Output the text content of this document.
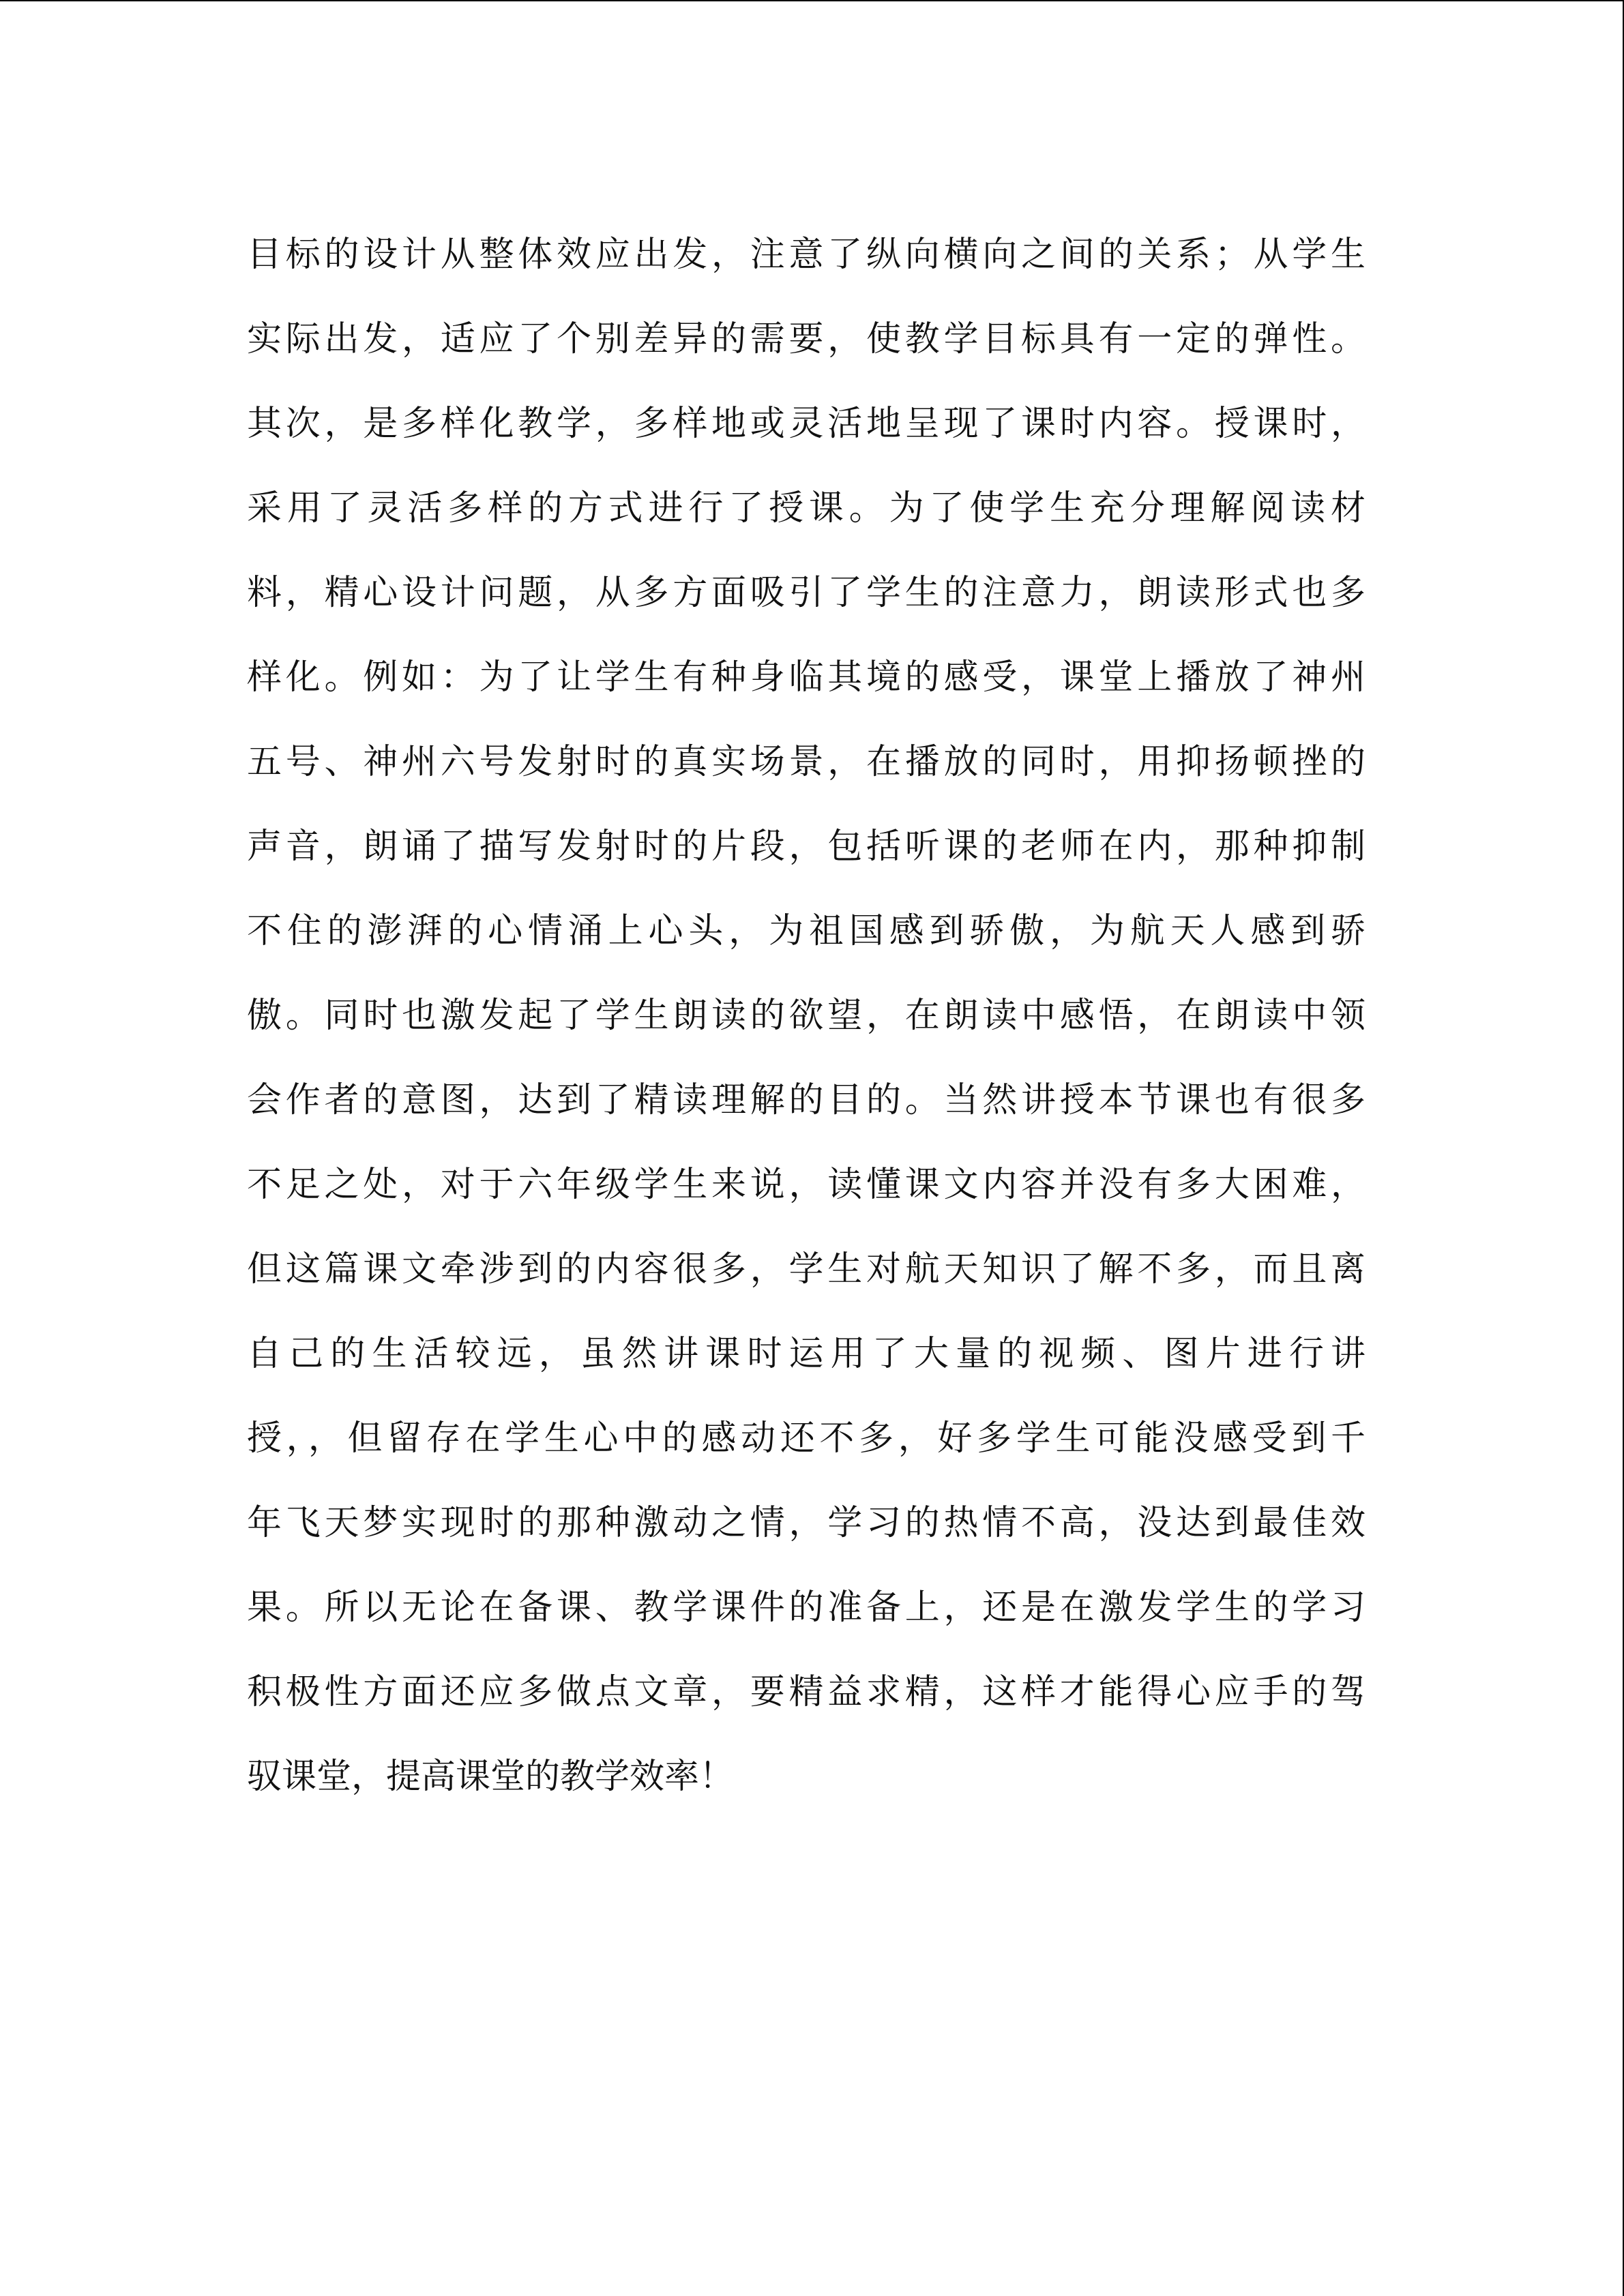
目标的设计从整体效应出发，注意了纵向横向之间的关系；从学生
实际出发，适应了个别差异的需要，使教学目标具有一定的弹性。
其次，是多样化教学，多样地或灵活地呈现了课时内容。授课时，
采用了灵活多样的方式进行了授课。为了使学生充分理解阅读材
料，精心设计问题，从多方面吸引了学生的注意力，朗读形式也多
样化。例如：为了让学生有种身临其境的感受，课堂上播放了神州
五号、神州六号发射时的真实场景，在播放的同时，用抑扬顿挫的
声音，朗诵了描写发射时的片段，包括听课的老师在内，那种抑制
不住的澎湃的心情涌上心头，为祖国感到骄傲，为航天人感到骄
傲。同时也激发起了学生朗读的欲望，在朗读中感悟，在朗读中领
会作者的意图，达到了精读理解的目的。当然讲授本节课也有很多
不足之处，对于六年级学生来说，读懂课文内容并没有多大困难，
但这篇课文牵涉到的内容很多，学生对航天知识了解不多，而且离
自己的生活较远，虽然讲课时运用了大量的视频、图片进行讲
授，，但留存在学生心中的感动还不多，好多学生可能没感受到千
年飞天梦实现时的那种激动之情，学习的热情不高，没达到最佳效
果。所以无论在备课、教学课件的准备上，还是在激发学生的学习
积极性方面还应多做点文章，要精益求精，这样才能得心应手的驾
驭课堂，提高课堂的教学效率！
